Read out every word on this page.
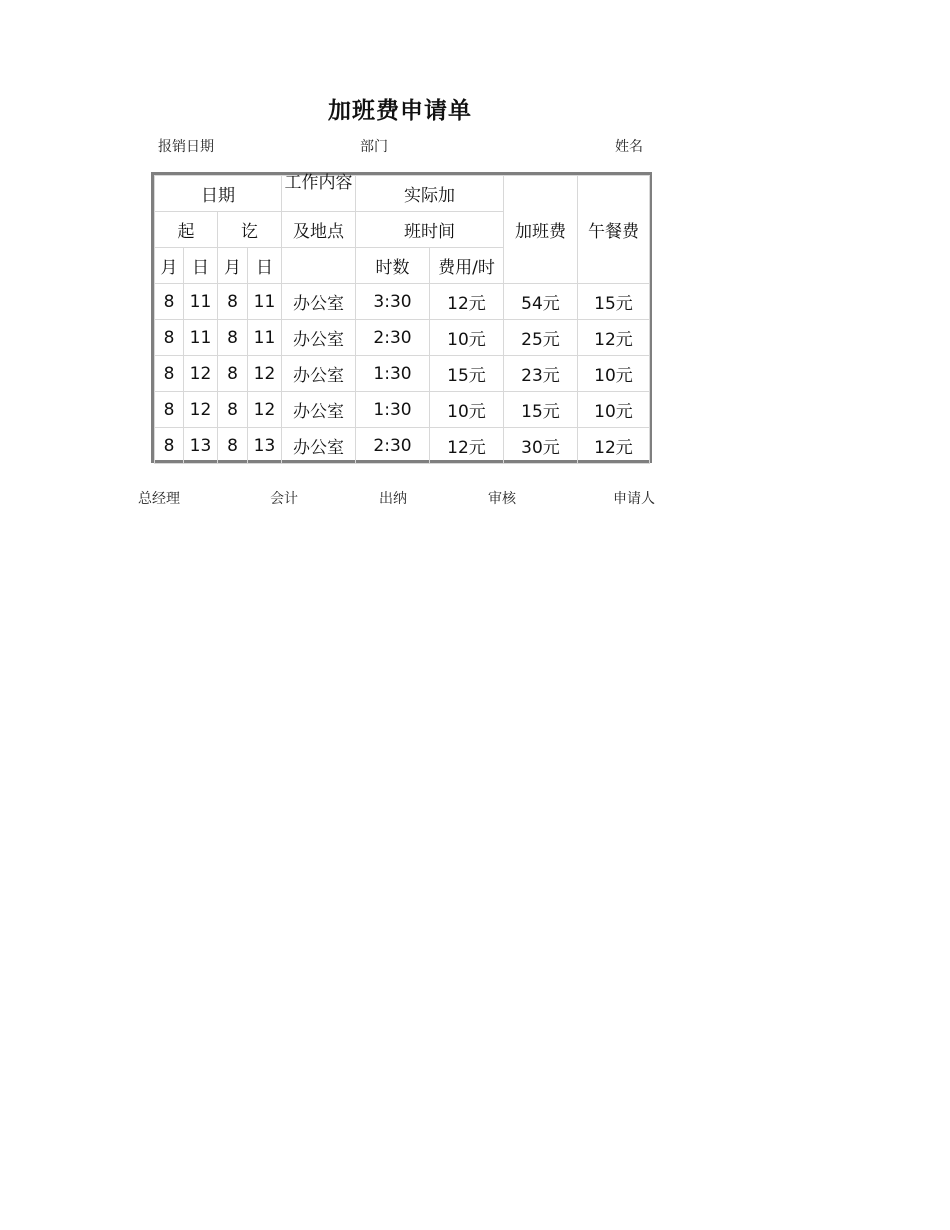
加班费申请单
报销日期	部门	姓名
日期				工作内容	实际加		加班费	午餐费
起		讫		及地点	班时间			
月	日	月	日		时数	费用/时		
8	11	8	11	办公室	3:30	12元	54元	15元
8	11	8	11	办公室	2:30	10元	25元	12元
8	12	8	12	办公室	1:30	15元	23元	10元
8	12	8	12	办公室	1:30	10元	15元	10元
8	13	8	13	办公室	2:30	12元	30元	12元
总经理	会计	出纳	审核	申请人
